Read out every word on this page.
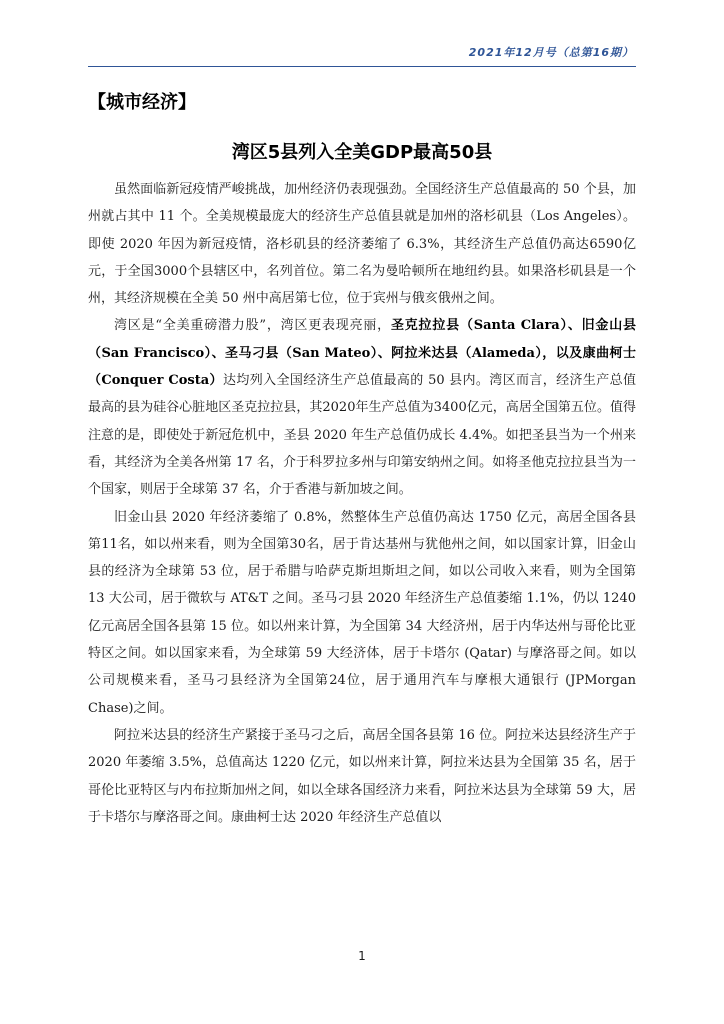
2021年12月号（总第16期）
【城市经济】
湾区5县列入全美GDP最高50县

虽然面临新冠疫情严峻挑战，加州经济仍表现强劲。全国经济生产总值最高的 50 个县，加州就占其中 11 个。全美规模最庞大的经济生产总值县就是加州的洛杉矶县（Los Angeles）。即使 2020 年因为新冠疫情，洛杉矶县的经济萎缩了 6.3%，其经济生产总值仍高达6590亿元，于全国3000个县辖区中，名列首位。第二名为曼哈顿所在地纽约县。如果洛杉矶县是一个州，其经济规模在全美 50 州中高居第七位，位于宾州与俄亥俄州之间。

湾区是“全美重磅潜力股”，湾区更表现亮丽，圣克拉拉县（Santa Clara）、旧金山县（San Francisco）、圣马刁县（San Mateo）、阿拉米达县（Alameda），以及康曲柯士（Conquer Costa）达均列入全国经济生产总值最高的 50 县内。湾区而言，经济生产总值最高的县为硅谷心脏地区圣克拉拉县，其2020年生产总值为3400亿元，高居全国第五位。值得注意的是，即使处于新冠危机中，圣县 2020 年生产总值仍成长 4.4%。如把圣县当为一个州来看，其经济为全美各州第 17 名，介于科罗拉多州与印第安纳州之间。如将圣他克拉拉县当为一个国家，则居于全球第 37 名，介于香港与新加坡之间。

旧金山县 2020 年经济萎缩了 0.8%，然整体生产总值仍高达 1750 亿元，高居全国各县第11名，如以州来看，则为全国第30名，居于肯达基州与犹他州之间，如以国家计算，旧金山县的经济为全球第 53 位，居于希腊与哈萨克斯坦斯坦之间，如以公司收入来看，则为全国第 13 大公司，居于微软与 AT&T 之间。圣马刁县 2020 年经济生产总值萎缩 1.1%，仍以 1240 亿元高居全国各县第 15 位。如以州来计算，为全国第 34 大经济州，居于内华达州与哥伦比亚特区之间。如以国家来看，为全球第 59 大经济体，居于卡塔尔 (Qatar) 与摩洛哥之间。如以公司规模来看，圣马刁县经济为全国第24位，居于通用汽车与摩根大通银行 (JPMorgan Chase)之间。

阿拉米达县的经济生产紧接于圣马刁之后，高居全国各县第 16 位。阿拉米达县经济生产于 2020 年萎缩 3.5%，总值高达 1220 亿元，如以州来计算，阿拉米达县为全国第 35 名，居于哥伦比亚特区与内布拉斯加州之间，如以全球各国经济力来看，阿拉米达县为全球第 59 大，居于卡塔尔与摩洛哥之间。康曲柯士达 2020 年经济生产总值以

1
